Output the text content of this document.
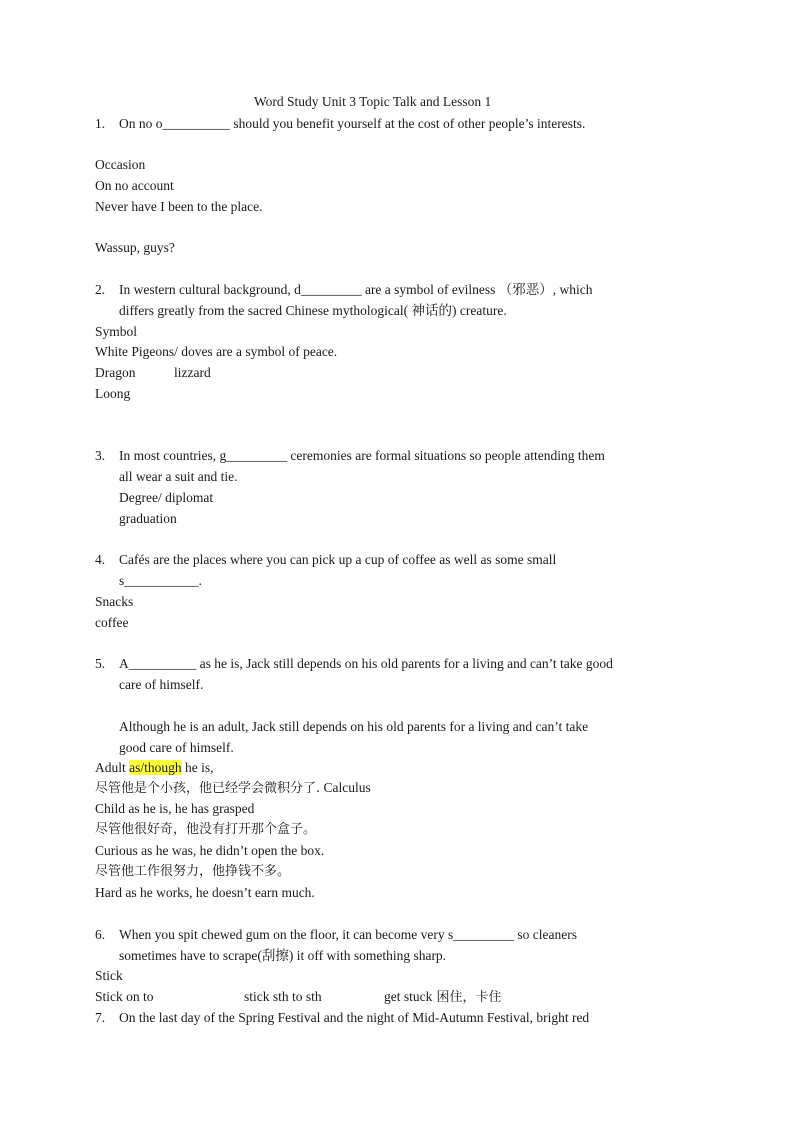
Word Study Unit 3 Topic Talk and Lesson 1
1. On no o__________ should you benefit yourself at the cost of other people’s interests.
Occasion
On no account
Never have I been to the place.
Wassup, guys?
2. In western cultural background, d_________ are a symbol of evilness （邪恶）, which
differs greatly from the sacred Chinese mythological( 神话的) creature.
Symbol
White Pigeons/ doves are a symbol of peace.
Dragon	lizzard
Loong
3. In most countries, g_________ ceremonies are formal situations so people attending them
all wear a suit and tie.
Degree/ diplomat
graduation
4. Cafés are the places where you can pick up a cup of coffee as well as some small
s___________.
Snacks
coffee
5. A__________ as he is, Jack still depends on his old parents for a living and can’t take good
care of himself.
Although he is an adult, Jack still depends on his old parents for a living and can’t take
good care of himself.
Adult as/though he is,
尽管他是个小孩，他已经学会微积分了. Calculus
Child as he is, he has grasped
尽管他很好奇，他没有打开那个盒子。
Curious as he was, he didn’t open the box.
尽管他工作很努力，他挣钱不多。
Hard as he works, he doesn’t earn much.
6. When you spit chewed gum on the floor, it can become very s_________ so cleaners
sometimes have to scrape(刮擦) it off with something sharp.
Stick
Stick on to	stick sth to sth	get stuck 困住，卡住
7. On the last day of the Spring Festival and the night of Mid-Autumn Festival, bright red
